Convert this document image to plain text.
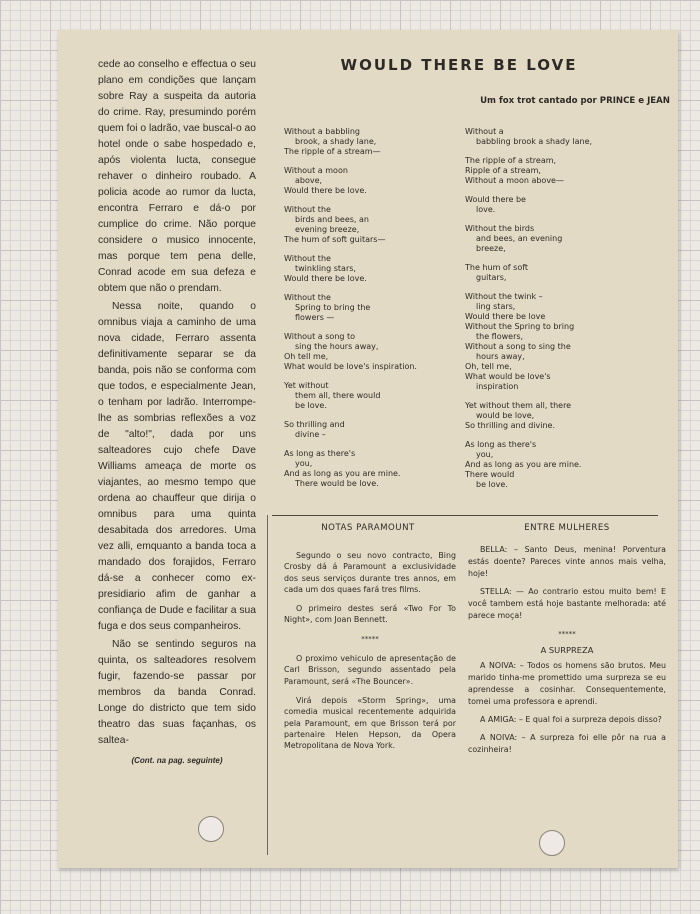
cede ao conselho e effectua o seu plano em condições que lançam sobre Ray a suspeita da autoria do crime. Ray, presumindo porém quem foi o ladrão, vae buscal-o ao hotel onde o sabe hospedado e, após violenta lucta, consegue rehaver o dinheiro roubado. A policia acode ao rumor da lucta, encontra Ferraro e dá-o por cumplice do crime. Não porque considere o musico innocente, mas porque tem pena delle, Conrad acode em sua defeza e obtem que não o prendam.

Nessa noite, quando o omnibus viaja a caminho de uma nova cidade, Ferraro assenta definitivamente separar se da banda, pois não se conforma com que todos, e especialmente Jean, o tenham por ladrão. Interrompe-lhe as sombrias reflexões a voz de "alto!", dada por uns salteadores cujo chefe Dave Williams ameaça de morte os viajantes, ao mesmo tempo que ordena ao chauffeur que dirija o omnibus para uma quinta desabitada dos arredores. Uma vez alli, emquanto a banda toca a mandado dos forajidos, Ferraro dá-se a conhecer como ex-presidiario afim de ganhar a confiança de Dude e facilitar a sua fuga e dos seus companheiros.

Não se sentindo seguros na quinta, os salteadores resolvem fugir, fazendo-se passar por membros da banda Conrad. Longe do districto que tem sido theatro das suas façanhas, os saltea-

(Cont. na pag. seguinte)

WOULD THERE BE LOVE
Um fox trot cantado por PRINCE e JEAN
Without a babbling
brook, a shady lane,
The ripple of a stream—
Without a moon
above,
Would there be love.
Without the
birds and bees, an
evening breeze,
The hum of soft guitars—
Without the
twinkling stars,
Would there be love.
Without the
Spring to bring the
flowers —
Without a song to
sing the hours away,
Oh tell me,
What would be love's inspiration.
Yet without
them all, there would
be love.
So thrilling and
divine –
As long as there's
you,
And as long as you are mine.
There would be love.
Without a
babbling brook a shady lane,
The ripple of a stream,
Ripple of a stream,
Without a moon above—
Would there be
love.
Without the birds
and bees, an evening
breeze,
The hum of soft
guitars,
Without the twink –
ling stars,
Would there be love
Without the Spring to bring
the flowers,
Without a song to sing the
hours away,
Oh, tell me,
What would be love's
inspiration
Yet without them all, there
would be love,
So thrilling and divine.
As long as there's
you,
And as long as you are mine.
There would
be love.
NOTAS PARAMOUNT	ENTRE MULHERES

Segundo o seu novo contracto, Bing Crosby dá á Paramount a exclusividade dos seus serviços durante tres annos, em cada um dos quaes fará tres films.

O primeiro destes será «Two For To Night», com Joan Bennett.

*****

O proximo vehiculo de apresentação de Carl Brisson, segundo assentado pela Paramount, será «The Bouncer».

Virá depois «Storm Spring», uma comedia musical recentemente adquirida pela Paramount, em que Brisson terá por partenaire Helen Hepson, da Opera Metropolitana de Nova York.

BELLA: – Santo Deus, menina! Porventura estás doente? Pareces vinte annos mais velha, hoje!

STELLA: — Ao contrario estou muito bem! E você tambem está hoje bastante melhorada: até parece moça!

*****

A SURPREZA

A NOIVA: – Todos os homens são brutos. Meu marido tinha-me promettido uma surpreza se eu aprendesse a cosinhar. Consequentemente, tomei uma professora e aprendi.

A AMIGA: – E qual foi a surpreza depois disso?

A NOIVA: – A surpreza foi elle pôr na rua a cozinheira!
